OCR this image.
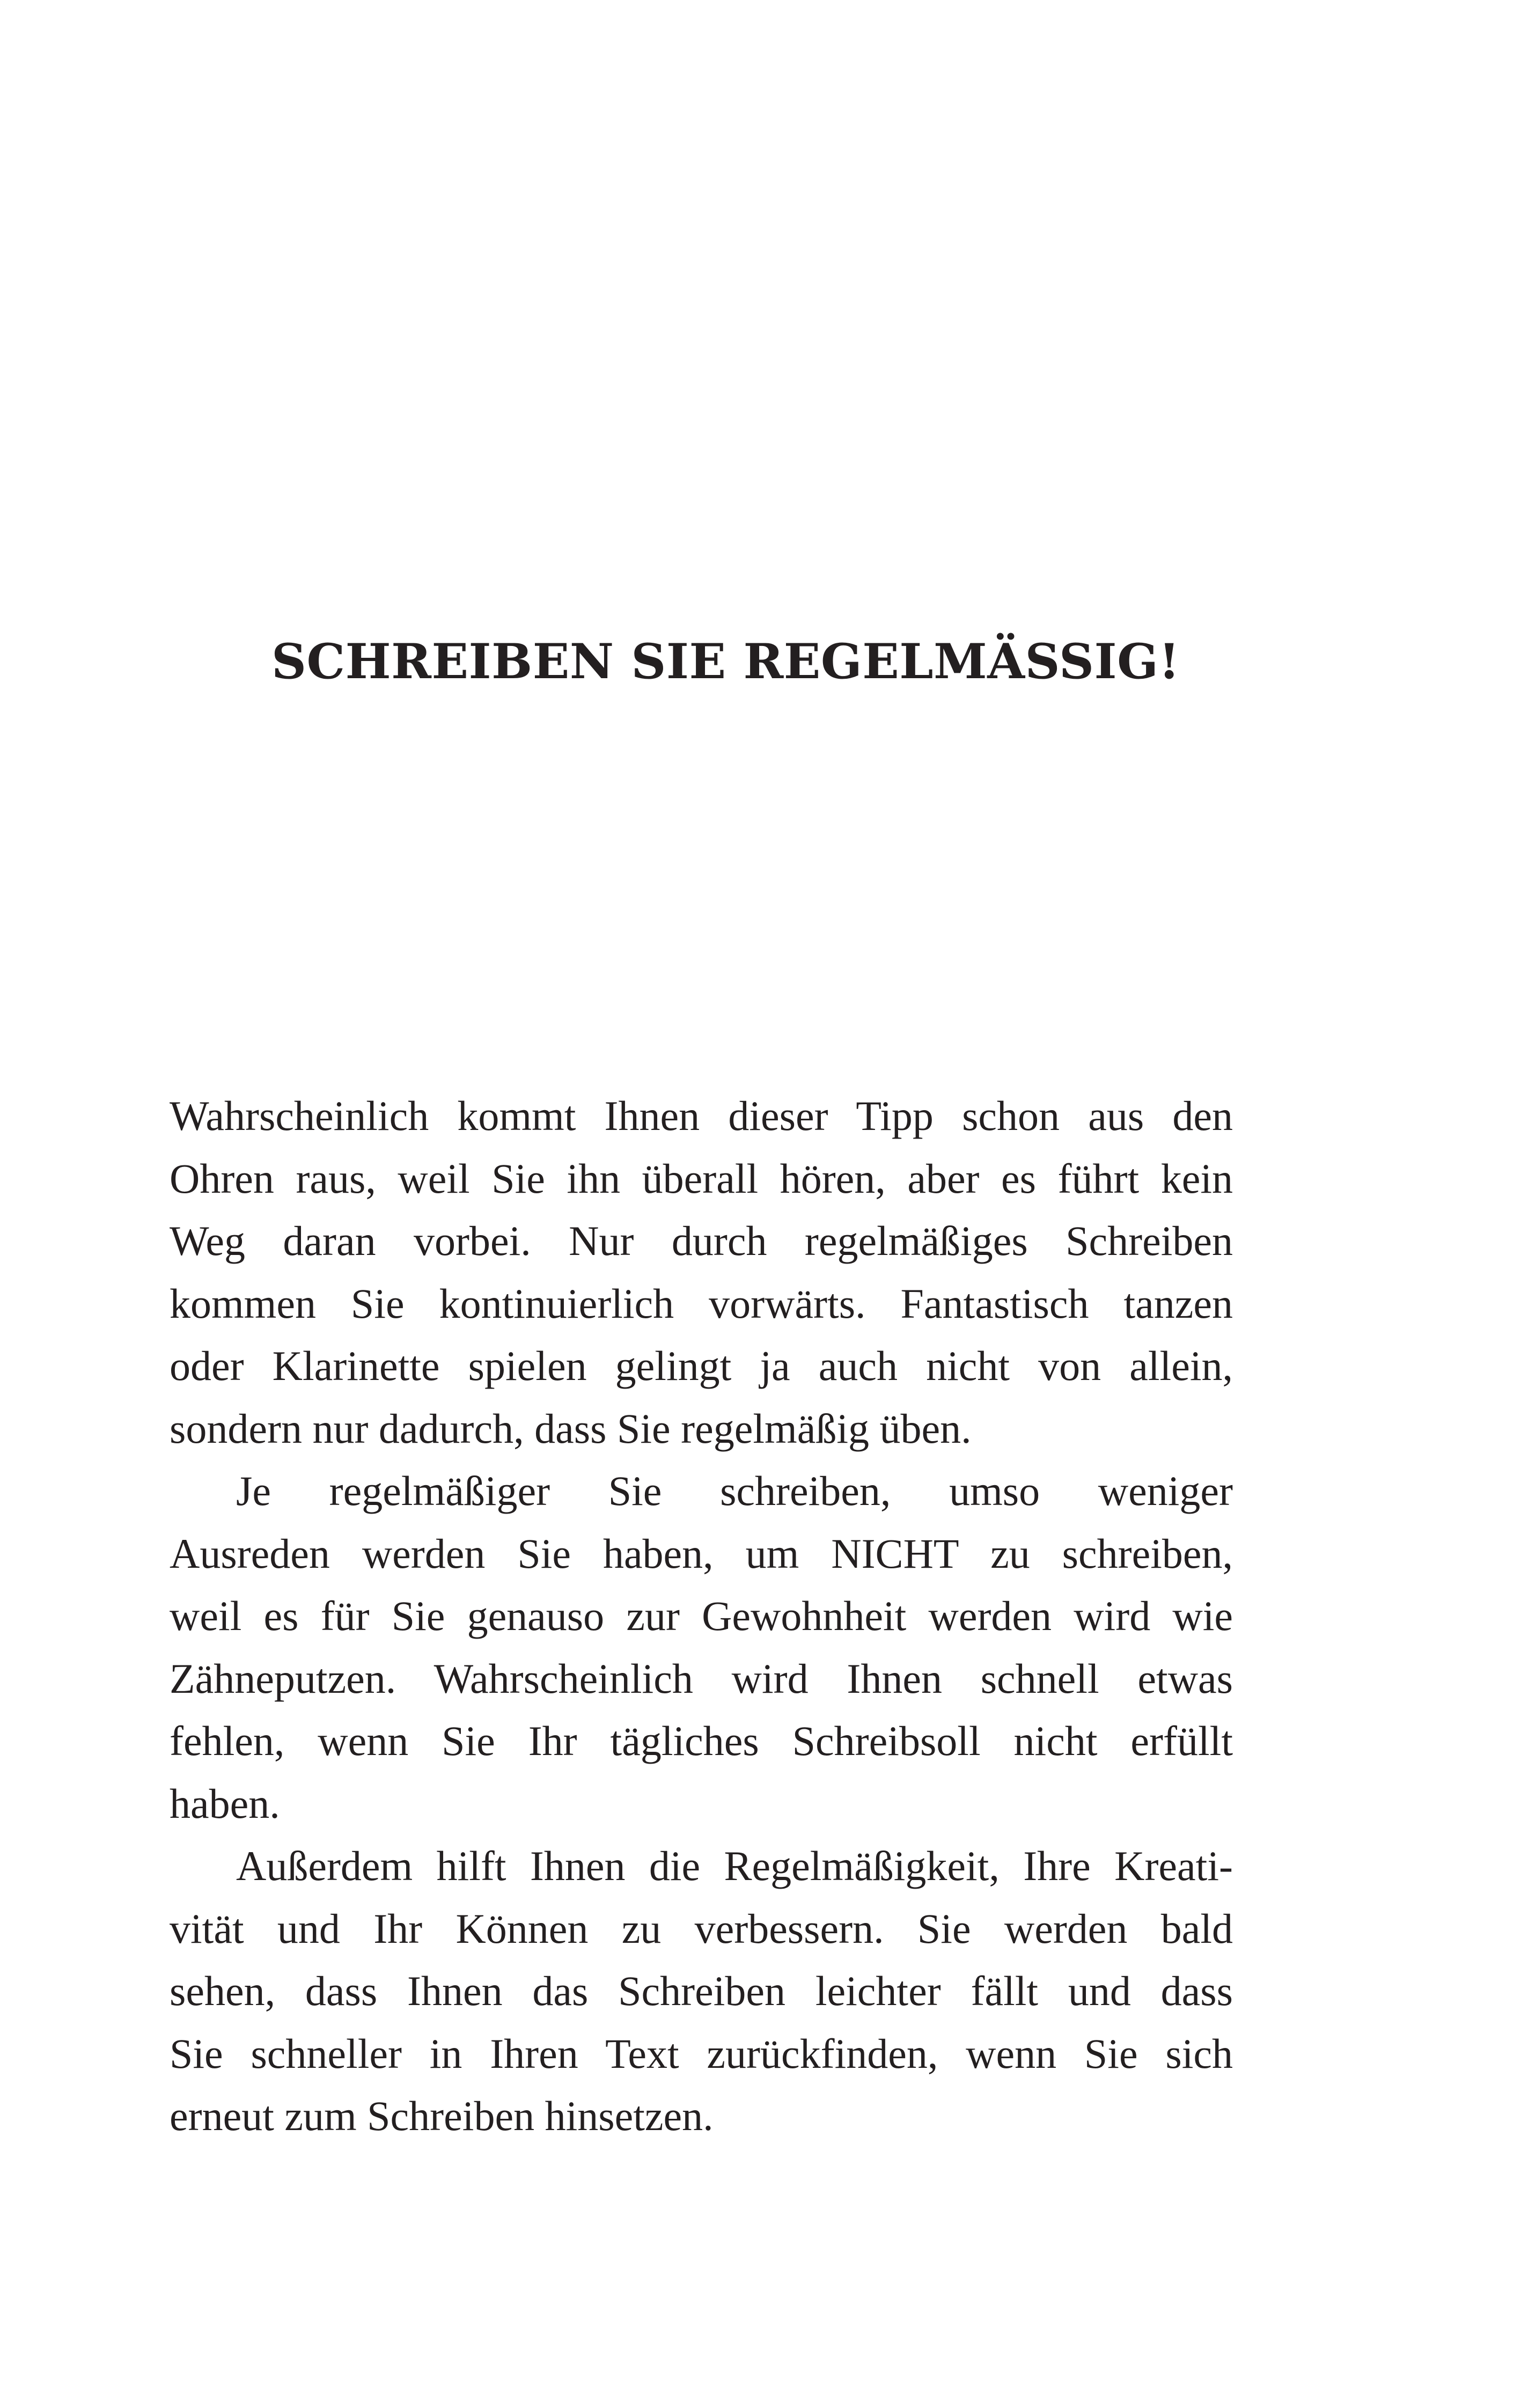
SCHREIBEN SIE REGELMÄSSIG!
Wahrscheinlich kommt Ihnen dieser Tipp schon aus den
Ohren raus, weil Sie ihn überall hören, aber es führt kein
Weg daran vorbei. Nur durch regelmäßiges Schreiben
kommen Sie kontinuierlich vorwärts. Fantastisch tanzen
oder Klarinette spielen gelingt ja auch nicht von allein,
sondern nur dadurch, dass Sie regelmäßig üben.
Je regelmäßiger Sie schreiben, umso weniger
Ausreden werden Sie haben, um NICHT zu schreiben,
weil es für Sie genauso zur Gewohnheit werden wird wie
Zähneputzen. Wahrscheinlich wird Ihnen schnell etwas
fehlen, wenn Sie Ihr tägliches Schreibsoll nicht erfüllt
haben.
Außerdem hilft Ihnen die Regelmäßigkeit, Ihre Kreati-
vität und Ihr Können zu verbessern. Sie werden bald
sehen, dass Ihnen das Schreiben leichter fällt und dass
Sie schneller in Ihren Text zurückfinden, wenn Sie sich
erneut zum Schreiben hinsetzen.
